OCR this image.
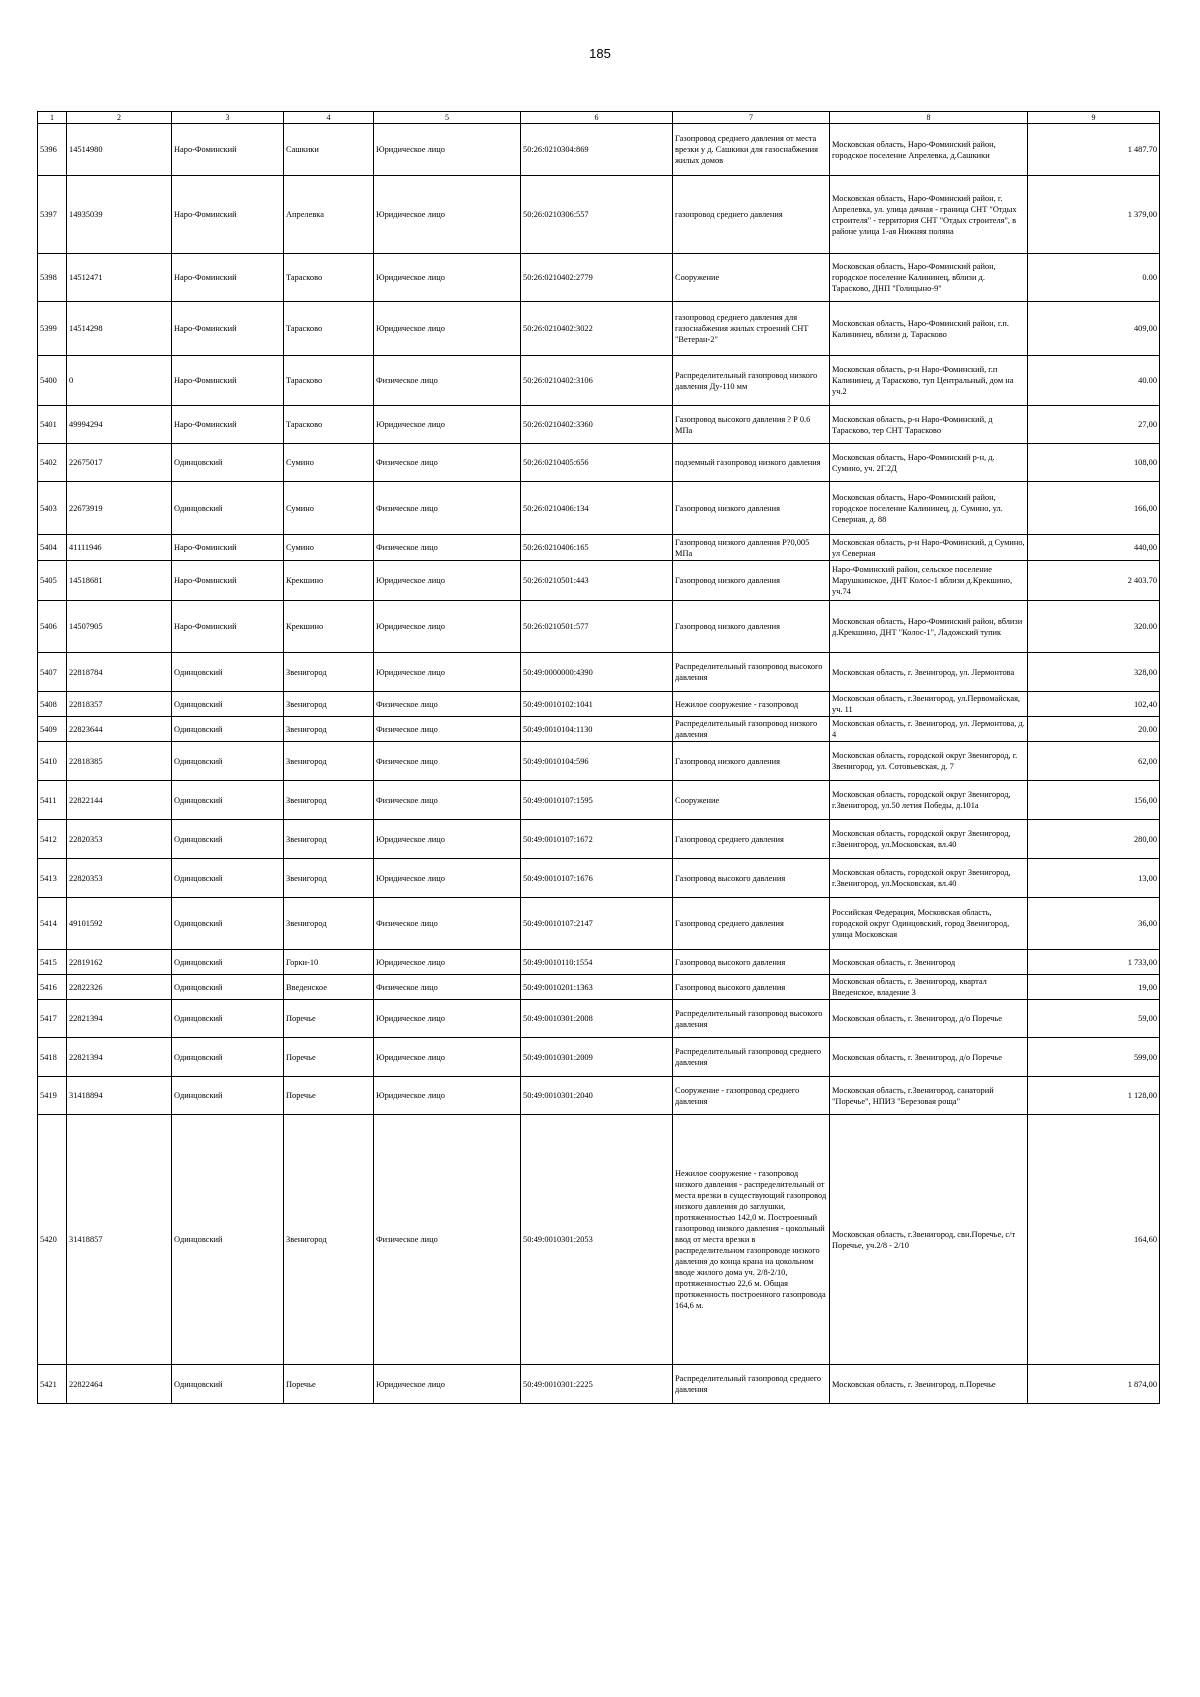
185
1	2	3	4	5	6	7	8	9
5396	14514980	Наро-Фоминский	Сашкики	Юридическое лицо	50:26:0210304:869	Газопровод среднего давления от места врезки у д. Сашкики для газоснабжения жилых домов	Московская область, Наро-Фоминский район, городское поселение Апрелевка, д.Сашкики	1 487.70
5397	14935039	Наро-Фоминский	Апрелевка	Юридическое лицо	50:26:0210306:557	газопровод среднего давления	Московская область, Наро-Фоминский район, г. Апрелевка, ул. улица дачная - граница СНТ "Отдых строителя" - территория СНТ "Отдых строителя", в районе улица 1-ая Нижняя поляна	1 379,00
5398	14512471	Наро-Фоминский	Тарасково	Юридическое лицо	50:26:0210402:2779	Сооружение	Московская область, Наро-Фоминский район, городское поселение Калининец, вблизи д. Тарасково, ДНП "Голицыно-9"	0.00
5399	14514298	Наро-Фоминский	Тарасково	Юридическое лицо	50:26:0210402:3022	газопровод среднего давления для газоснабжения жилых строений СНТ "Ветеран-2"	Московская область, Наро-Фоминский район, г.п. Калининец, вблизи д. Тарасково	409,00
5400	0	Наро-Фоминский	Тарасково	Физическое лицо	50:26:0210402:3106	Распределительный газопровод низкого давления Ду-110 мм	Московская область, р-н Наро-Фоминский, г.п Калининец, д Тарасково, туп Центральный, дом на уч.2	40.00
5401	49994294	Наро-Фоминский	Тарасково	Юридическое лицо	50:26:0210402:3360	Газопровод высокого давления ? Р 0.6 МПа	Московская область, р-н Наро-Фоминский, д Тарасково, тер СНТ Тарасково	27,00
5402	22675017	Одинцовский	Сумино	Физическое лицо	50:26:0210405:656	подземный газопровод низкого давления	Московская область, Наро-Фоминский р-н, д. Сумино, уч. 2Г.2Д	108,00
5403	22673919	Одинцовский	Сумино	Физическое лицо	50:26:0210406:134	Газопровод низкого давления	Московская область, Наро-Фоминский район, городское поселение Калининец, д. Сумино, ул. Северная, д. 88	166,00
5404	41111946	Наро-Фоминский	Сумино	Физическое лицо	50:26:0210406:165	Газопровод низкого давления Р?0,005 МПа	Московская область, р-н Наро-Фоминский, д Сумино, ул Северная	440,00
5405	14518681	Наро-Фоминский	Крекшино	Юридическое лицо	50:26:0210501:443	Газопровод низкого давления	Наро-Фоминский район, сельское поселение Марушкинское, ДНТ Колос-1 вблизи д.Крекшино, уч.74	2 403.70
5406	14507905	Наро-Фоминский	Крекшино	Юридическое лицо	50:26:0210501:577	Газопровод низкого давления	Московская область, Наро-Фоминский район, вблизи д.Крекшино, ДНТ "Колос-1", Ладожский тупик	320.00
5407	22818784	Одинцовский	Звенигород	Юридическое лицо	50:49:0000000:4390	Распределительный газопровод высокого давления	Московская область, г. Звенигород, ул. Лермонтова	328,00
5408	22818357	Одинцовский	Звенигород	Физическое лицо	50:49:0010102:1041	Нежилое сооружение - газопровод	Московская область, г.Звенигород, ул.Первомайская, уч. 11	102,40
5409	22823644	Одинцовский	Звенигород	Физическое лицо	50:49:0010104:1130	Распределительный газопровод низкого давления	Московская область, г. Звенигород, ул. Лермонтова, д. 4	20.00
5410	22818385	Одинцовский	Звенигород	Физическое лицо	50:49:0010104:596	Газопровод низкого давления	Московская область, городской округ Звенигород, г. Звенигород, ул. Сотовьевская, д. 7	62,00
5411	22822144	Одинцовский	Звенигород	Физическое лицо	50:49:0010107:1595	Сооружение	Московская область, городской округ Звенигород, г.Звенигород, ул.50 летия Победы, д.101а	156,00
5412	22820353	Одинцовский	Звенигород	Юридическое лицо	50:49:0010107:1672	Газопровод среднего давления	Московская область, городской округ Звенигород, г.Звенигород, ул.Московская, вл.40	280,00
5413	22820353	Одинцовский	Звенигород	Юридическое лицо	50:49:0010107:1676	Газопровод высокого давления	Московская область, городской округ Звенигород, г.Звенигород, ул.Московская, вл.40	13,00
5414	49101592	Одинцовский	Звенигород	Физическое лицо	50:49:0010107:2147	Газопровод среднего давления	Российская Федерация, Московская область, городской округ Одинцовский, город Звенигород, улица Московская	36,00
5415	22819162	Одинцовский	Горки-10	Юридическое лицо	50:49:0010110:1554	Газопровод высокого давления	Московская область, г. Звенигород	1 733,00
5416	22822326	Одинцовский	Введенское	Физическое лицо	50:49:0010201:1363	Газопровод высокого давления	Московская область, г. Звенигород, квартал Введенское, владение 3	19,00
5417	22821394	Одинцовский	Поречье	Юридическое лицо	50:49:0010301:2008	Распределительный газопровод высокого давления	Московская область, г. Звенигород, д/о Поречье	59,00
5418	22821394	Одинцовский	Поречье	Юридическое лицо	50:49:0010301:2009	Распределительный газопровод среднего давления	Московская область, г. Звенигород, д/о Поречье	599,00
5419	31418894	Одинцовский	Поречье	Юридическое лицо	50:49:0010301:2040	Сооружение - газопровод среднего давления	Московская область, г.Звенигород, санаторий "Поречье", НПИЗ "Березовая роща"	1 128,00
5420	31418857	Одинцовский	Звенигород	Физическое лицо	50:49:0010301:2053	Нежилое сооружение - газопровод низкого давления - распределительный от места врезки в существующий газопровод низкого давления до заглушки, протяженностью 142,0 м. Построенный газопровод низкого давления - цокольный ввод от места врезки в распределительном газопроводе низкого давления до конца крана на цокольном вводе жилого дома уч. 2/8-2/10, протяженностью 22,6 м. Общая протяженность построенного газопровода 164,6 м.	Московская область, г.Звенигород, свн.Поречье, с/т Поречье, уч.2/8 - 2/10	164,60
5421	22822464	Одинцовский	Поречье	Юридическое лицо	50:49:0010301:2225	Распределительный газопровод среднего давления	Московская область, г. Звенигород, п.Поречье	1 874,00
